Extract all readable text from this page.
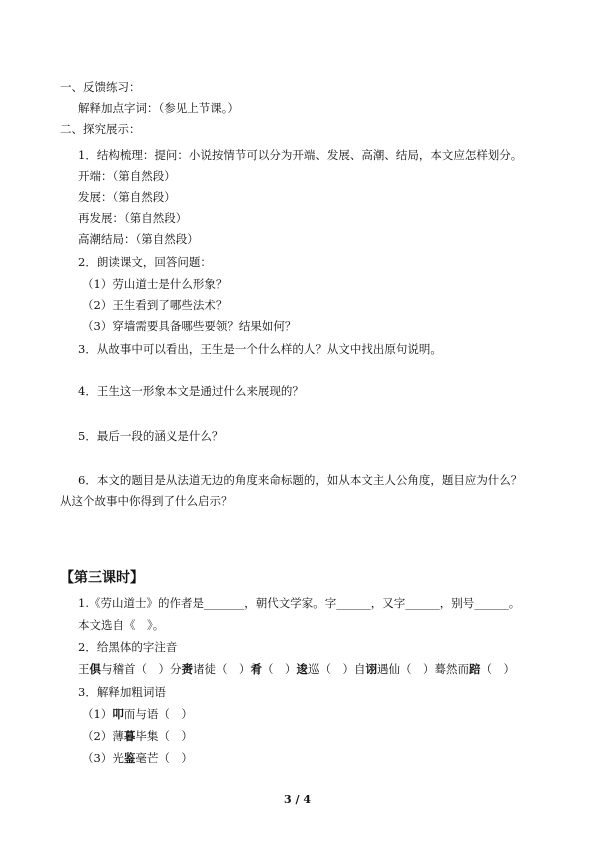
一、反馈练习：
解释加点字词：（参见上节课。）
二、探究展示：
1．结构梳理：提问：小说按情节可以分为开端、发展、高潮、结局，本文应怎样划分。
开端：（第自然段）
发展：（第自然段）
再发展：（第自然段）
高潮结局：（第自然段）
2．朗读课文，回答问题：
（1）劳山道士是什么形象？
（2）王生看到了哪些法术？
（3）穿墙需要具备哪些要领？结果如何？
3．从故事中可以看出，王生是一个什么样的人？从文中找出原句说明。
4．王生这一形象本文是通过什么来展现的？
5．最后一段的涵义是什么？
6．本文的题目是从法道无边的角度来命标题的，如从本文主人公角度，题目应为什么？
从这个故事中你得到了什么启示？
【第三课时】
1.《劳山道士》的作者是_______，朝代文学家。字______，又字______，别号______。
本文选自《　》。
2．给黑体的字注音
王俱与稽首（　）分赉诸徒（　）肴（　）逡巡（　）自诩遇仙（　）蓦然而踣（　）
3．解释加粗词语
（1）叩而与语（　）
（2）薄暮毕集（　）
（3）光鉴毫芒（　）
3 / 4
